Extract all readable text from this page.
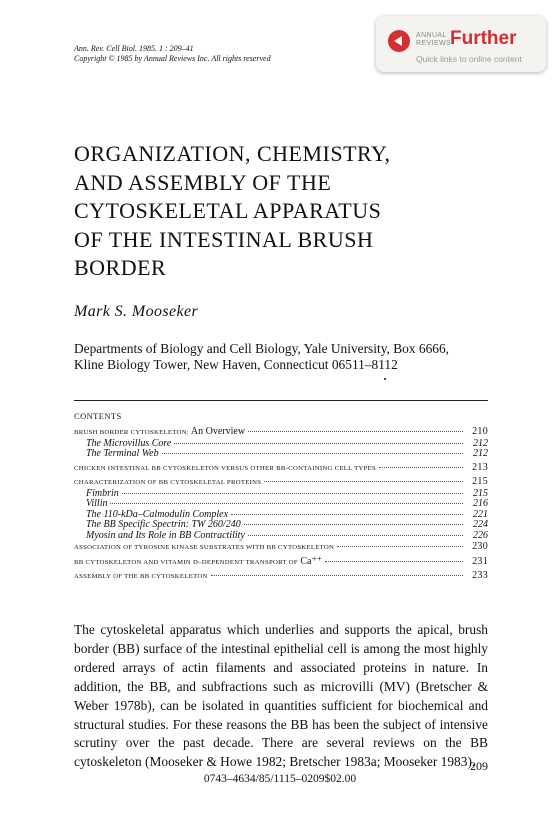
Ann. Rev. Cell Biol. 1985. 1 : 209–41
Copyright © 1985 by Annual Reviews Inc. All rights reserved
ANNUAL
REVIEWS
Further
Quick links to online content
ORGANIZATION, CHEMISTRY,
AND ASSEMBLY OF THE
CYTOSKELETAL APPARATUS
OF THE INTESTINAL BRUSH
BORDER
Mark S. Mooseker
Departments of Biology and Cell Biology, Yale University, Box 6666,
Kline Biology Tower, New Haven, Connecticut 06511–8112
CONTENTS
BRUSH BORDER CYTOSKELETON: An Overview	210
The Microvillus Core	212
The Terminal Web	212
CHICKEN INTESTINAL BB CYTOSKELETON VERSUS OTHER BB-CONTAINING CELL TYPES	213
CHARACTERIZATION OF BB CYTOSKELETAL PROTEINS	215
Fimbrin	215
Villin	216
The 110-kDa–Calmodulin Complex	221
The BB Specific Spectrin: TW 260/240	224
Myosin and Its Role in BB Contractility	226
ASSOCIATION OF TYROSINE KINASE SUBSTRATES WITH BB CYTOSKELETON	230
BB CYTOSKELETON AND VITAMIN D–DEPENDENT TRANSPORT OF Ca⁺⁺	231
ASSEMBLY OF THE BB CYTOSKELETON	233

The cytoskeletal apparatus which underlies and supports the apical, brush border (BB) surface of the intestinal epithelial cell is among the most highly ordered arrays of actin filaments and associated proteins in nature. In addition, the BB, and subfractions such as microvilli (MV) (Bretscher & Weber 1978b), can be isolated in quantities sufficient for biochemical and structural studies. For these reasons the BB has been the subject of intensive scrutiny over the past decade. There are several reviews on the BB cytoskeleton (Mooseker & Howe 1982; Bretscher 1983a; Mooseker 1983),

209
0743–4634/85/1115–0209$02.00
